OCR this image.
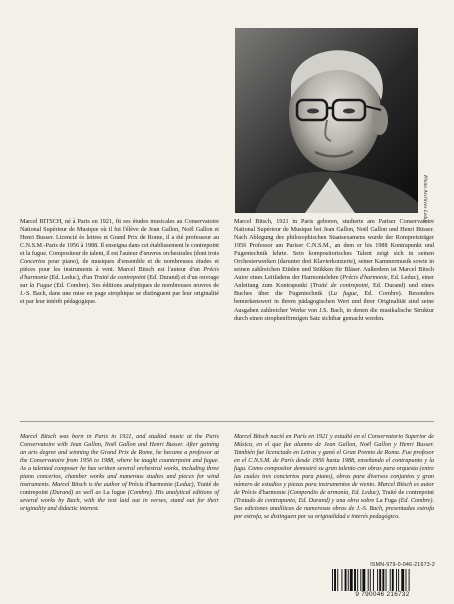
Photo Archives Leduc

Marcel BITSCH, né à Paris en 1921, fit ses études musicales au Conservatoire National Supérieur de Musique où il fut l'élève de Jean Gallon, Noël Gallon et Henri Busser. Licencié ès lettres et Grand Prix de Rome, il a été professeur au C.N.S.M.-Paris de 1956 à 1988. Il enseigna dans cet établissement le contrepoint et la fugue. Compositeur de talent, il est l'auteur d'œuvres orchestrales (dont trois Concertos pour piano), de musiques d'ensemble et de nombreuses études et pièces pour les instruments à vent. Marcel Bitsch est l'auteur d'un Précis d'harmonie (Ed. Leduc), d'un Traité de contrepoint (Ed. Durand) et d'un ouvrage sur la Fugue (Ed. Combre). Ses éditions analytiques de nombreuses œuvres de J.-S. Bach, dans une mise en page strophique se distinguent par leur originalité et par leur intérêt pédagogique.

Marcel Bitsch, 1921 in Paris geboren, studierte am Pariser Conservatoire National Supérieur de Musique bei Jean Gallon, Noël Gallon und Henri Büsser. Nach Ablegung des philosophischen Staatsexamens wurde der Rompreisträger 1956 Professor am Pariser C.N.S.M., an dem er bis 1988 Kontrapunkt und Fugentechnik lehrte. Sein kompositorisches Talent zeigt sich in seinen Orchesterwerken (darunter drei Klavierkonzerte), seiner Kammermusik sowie in seinen zahlreichen Etüden und Stükken für Bläser. Außerdem ist Marcel Bitsch Autor eines Leitfadens der Harmonielehre (Précis d'harmonie, Ed. Leduc), einer Anleitung zum Kontrapunkt (Traité de contrepoint, Ed. Durand) und eines Buches über die Fugentechnik (La fugue, Ed. Combre). Besonders bemerkenswert in ihrem pädagogischen Wert und ihrer Originalität sind seine Ausgaben zahlreicher Werke von J.S. Bach, in denen die musikalische Struktur durch einen strophenförmigen Satz sichtbar gemacht werden.

Marcel Bitsch was born in Paris in 1921, and studied music at the Paris Conservatoire with Jean Gallon, Noël Gallon and Henri Busser. After gaining an arts degree and winning the Grand Prix de Rome, he became a professor at the Conservatoire from 1956 to 1988, where he taught counterpoint and fugue. As a talented composer he has written several orchestral works, including three piano concertos, chamber works and numerous studies and pieces for wind instruments. Marcel Bitsch is the author of Précis d'harmonie (Leduc), Traité de contrepoint (Durand) as well as La fugue (Combre). His analytical editions of several works by Bach, with the text laid out in verses, stand out for their originality and didactic interest.

Marcel Bitsch nació en París en 1921 y estudió en el Conservatorio Superior de Música, en el que fue alumno de Jean Gallon, Noël Gallon y Henri Busser. También fue licenciado en Letras y ganó el Gran Premio de Roma. Fue profesor en el C.N.S.M. de París desde 1956 hasta 1988, enseñando el contrapunto y la fuga. Como compositor demostró su gran talento con obras para orquesta (entre las cuales tres conciertos para piano), obras para diversos conjuntos y gran número de estudios y piezas para instrumentos de viento. Marcel Bitsch es autor de Précis d'harmonie (Compendio de armonía, Ed. Leduc), Traité de contrepoint (Tratado de contrapunto, Ed. Durand) y una obra sobre La Fuga (Ed. Combre). Sus ediciones analíticas de numerosas obras de J.-S. Bach, presentadas estrofa por estrofa, se distinguen por su originalidad e interés pedagógico.

ISMN-979-0-046-21673-2
9 790046 216732
